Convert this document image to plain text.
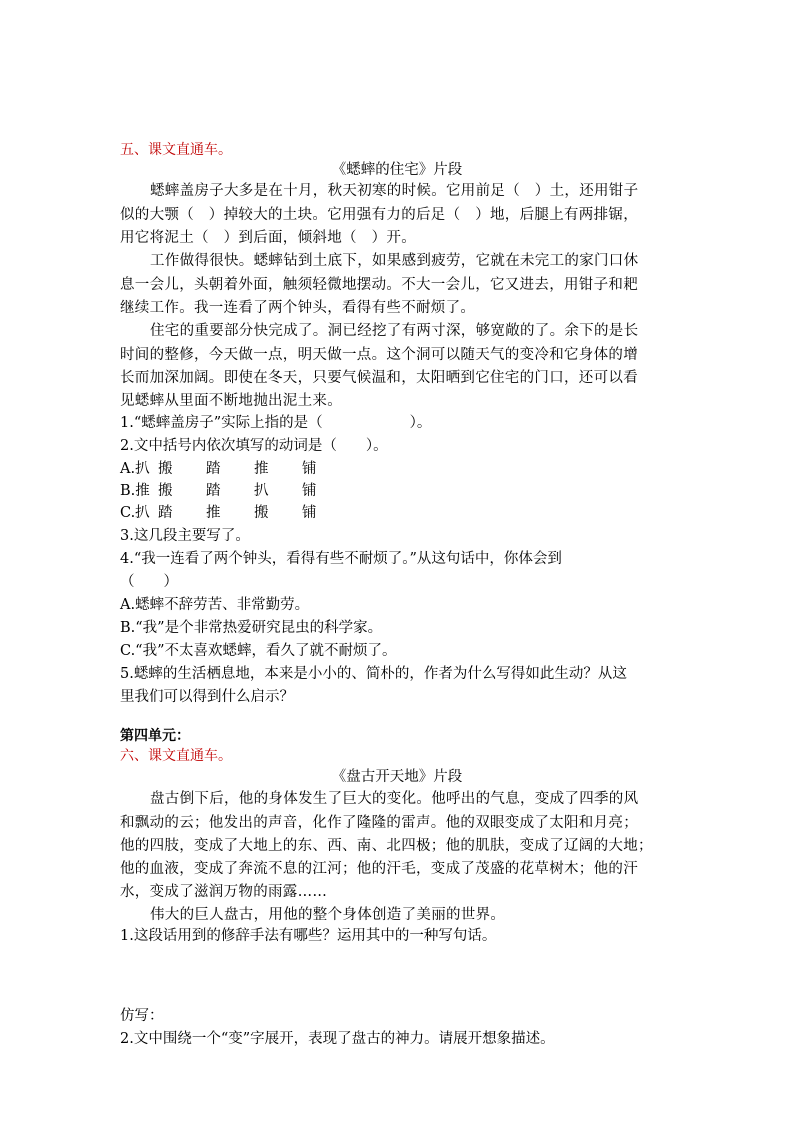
五、课文直通车。
《蟋蟀的住宅》片段
蟋蟀盖房子大多是在十月，秋天初寒的时候。它用前足（　）土，还用钳子
似的大颚（　）掉较大的土块。它用强有力的后足（　）地，后腿上有两排锯，
用它将泥土（　）到后面，倾斜地（　）开。
工作做得很快。蟋蟀钻到土底下，如果感到疲劳，它就在未完工的家门口休
息一会儿，头朝着外面，触须轻微地摆动。不大一会儿，它又进去，用钳子和耙
继续工作。我一连看了两个钟头，看得有些不耐烦了。
住宅的重要部分快完成了。洞已经挖了有两寸深，够宽敞的了。余下的是长
时间的整修，今天做一点，明天做一点。这个洞可以随天气的变冷和它身体的增
长而加深加阔。即使在冬天，只要气候温和，太阳晒到它住宅的门口，还可以看
见蟋蟀从里面不断地抛出泥土来。
1.“蟋蟀盖房子”实际上指的是（　　　　　　）。
2.文中括号内依次填写的动词是（　　）。
A.扒 搬 踏 推 铺
B.推 搬 踏 扒 铺
C.扒 踏 推 搬 铺
3.这几段主要写了。
4.“我一连看了两个钟头，看得有些不耐烦了。”从这句话中，你体会到
（　　）
A.蟋蟀不辞劳苦、非常勤劳。
B.“我”是个非常热爱研究昆虫的科学家。
C.“我”不太喜欢蟋蟀，看久了就不耐烦了。
5.蟋蟀的生活栖息地，本来是小小的、简朴的，作者为什么写得如此生动？从这
里我们可以得到什么启示？
第四单元：
六、课文直通车。
《盘古开天地》片段
盘古倒下后，他的身体发生了巨大的变化。他呼出的气息，变成了四季的风
和飘动的云；他发出的声音，化作了隆隆的雷声。他的双眼变成了太阳和月亮；
他的四肢，变成了大地上的东、西、南、北四极；他的肌肤，变成了辽阔的大地；
他的血液，变成了奔流不息的江河；他的汗毛，变成了茂盛的花草树木；他的汗
水，变成了滋润万物的雨露……
伟大的巨人盘古，用他的整个身体创造了美丽的世界。
1.这段话用到的修辞手法有哪些？运用其中的一种写句话。
仿写：
2.文中围绕一个“变”字展开，表现了盘古的神力。请展开想象描述。
